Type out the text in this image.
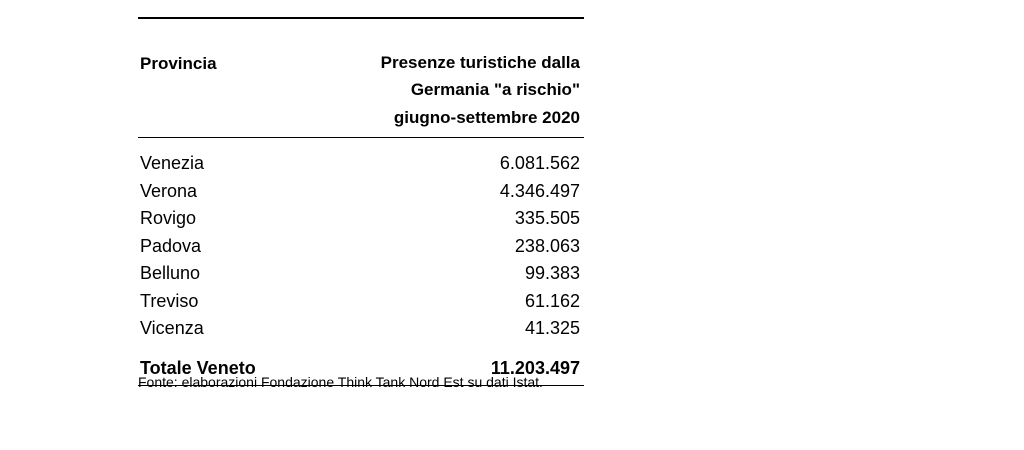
Provincia	Presenze turistiche dalla
Germania "a rischio"
giugno-settembre 2020

Venezia	6.081.562
Verona	4.346.497
Rovigo	335.505
Padova	238.063
Belluno	99.383
Treviso	61.162
Vicenza	41.325
Totale Veneto	11.203.497
Fonte: elaborazioni Fondazione Think Tank Nord Est su dati Istat.
